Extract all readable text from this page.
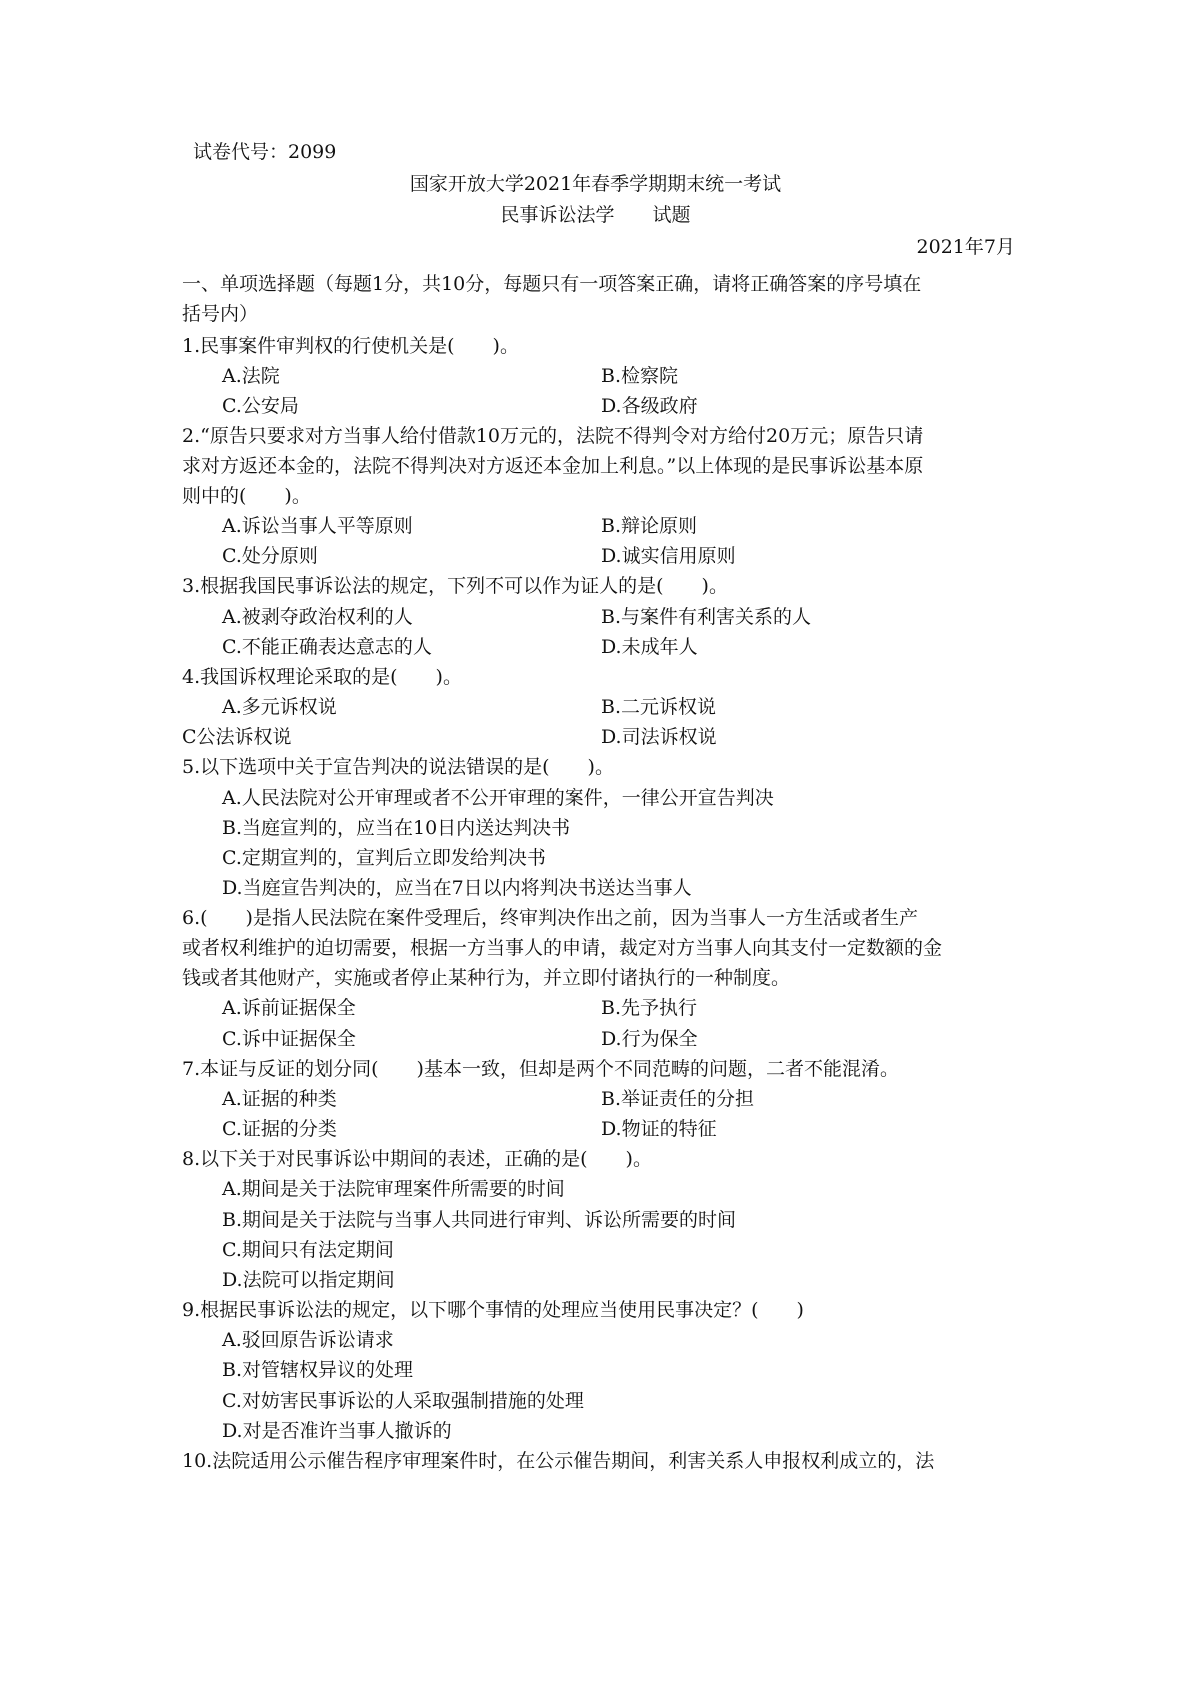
试卷代号：2099
国家开放大学2021年春季学期期末统一考试
民事诉讼法学　　试题
2021年7月
一、单项选择题（每题1分，共10分，每题只有一项答案正确，请将正确答案的序号填在
括号内）
1.民事案件审判权的行使机关是(　　)。
A.法院	B.检察院
C.公安局	D.各级政府
2.“原告只要求对方当事人给付借款10万元的，法院不得判令对方给付20万元；原告只请
求对方返还本金的，法院不得判决对方返还本金加上利息。”以上体现的是民事诉讼基本原
则中的(　　)。
A.诉讼当事人平等原则	B.辩论原则
C.处分原则	D.诚实信用原则
3.根据我国民事诉讼法的规定，下列不可以作为证人的是(　　)。
A.被剥夺政治权利的人	B.与案件有利害关系的人
C.不能正确表达意志的人	D.未成年人
4.我国诉权理论采取的是(　　)。
A.多元诉权说	B.二元诉权说
C公法诉权说	D.司法诉权说
5.以下选项中关于宣告判决的说法错误的是(　　)。
A.人民法院对公开审理或者不公开审理的案件，一律公开宣告判决
B.当庭宣判的，应当在10日内送达判决书
C.定期宣判的，宣判后立即发给判决书
D.当庭宣告判决的，应当在7日以内将判决书送达当事人
6.(　　)是指人民法院在案件受理后，终审判决作出之前，因为当事人一方生活或者生产
或者权利维护的迫切需要，根据一方当事人的申请，裁定对方当事人向其支付一定数额的金
钱或者其他财产，实施或者停止某种行为，并立即付诸执行的一种制度。
A.诉前证据保全	B.先予执行
C.诉中证据保全	D.行为保全
7.本证与反证的划分同(　　)基本一致，但却是两个不同范畴的问题，二者不能混淆。
A.证据的种类	B.举证责任的分担
C.证据的分类	D.物证的特征
8.以下关于对民事诉讼中期间的表述，正确的是(　　)。
A.期间是关于法院审理案件所需要的时间
B.期间是关于法院与当事人共同进行审判、诉讼所需要的时间
C.期间只有法定期间
D.法院可以指定期间
9.根据民事诉讼法的规定，以下哪个事情的处理应当使用民事决定？(　　)
A.驳回原告诉讼请求
B.对管辖权异议的处理
C.对妨害民事诉讼的人采取强制措施的处理
D.对是否准许当事人撤诉的
10.法院适用公示催告程序审理案件时，在公示催告期间，利害关系人申报权利成立的，法
